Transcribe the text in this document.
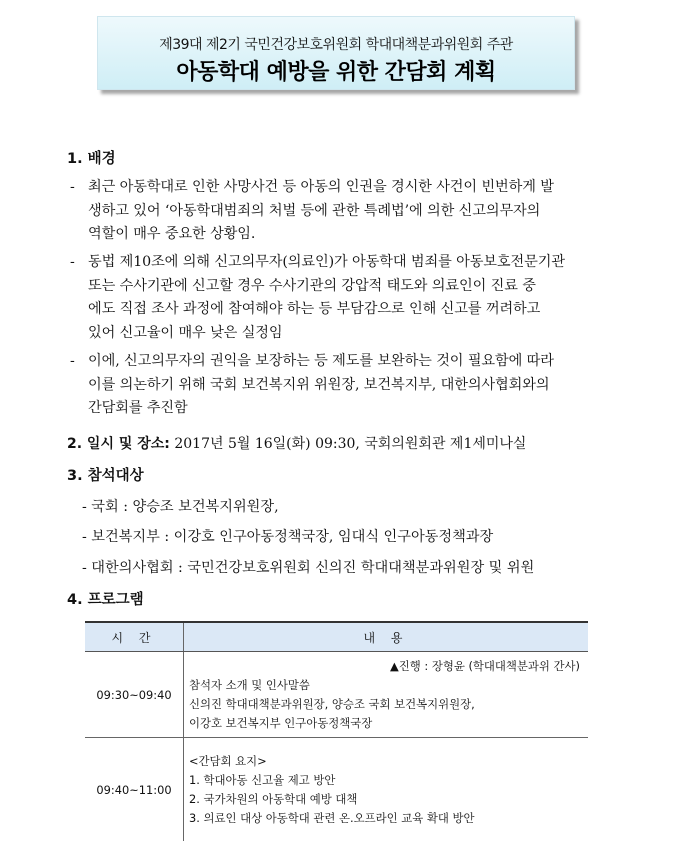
제39대 제2기 국민건강보호위원회 학대대책분과위원회 주관
아동학대 예방을 위한 간담회 계획
1. 배경
- 최근 아동학대로 인한 사망사건 등 아동의 인권을 경시한 사건이 빈번하게 발
생하고 있어 ‘아동학대범죄의 처벌 등에 관한 특례법’에 의한 신고의무자의
역할이 매우 중요한 상황임.
- 동법 제10조에 의해 신고의무자(의료인)가 아동학대 범죄를 아동보호전문기관
또는 수사기관에 신고할 경우 수사기관의 강압적 태도와 의료인이 진료 중
에도 직접 조사 과정에 참여해야 하는 등 부담감으로 인해 신고를 꺼려하고
있어 신고율이 매우 낮은 실정임
- 이에, 신고의무자의 권익을 보장하는 등 제도를 보완하는 것이 필요함에 따라
이를 의논하기 위해 국회 보건복지위 위원장, 보건복지부, 대한의사협회와의
간담회를 추진함
2. 일시 및 장소: 2017년 5월 16일(화) 09:30, 국회의원회관 제1세미나실
3. 참석대상
- 국회 : 양승조 보건복지위원장,
- 보건복지부 : 이강호 인구아동정책국장, 임대식 인구아동정책과장
- 대한의사협회 : 국민건강보호위원회 신의진 학대대책분과위원장 및 위원
4. 프로그램
시 간	내 용
09:30~09:40	▲진행 : 장형윤 (학대대책분과위 간사)
참석자 소개 및 인사말씀
신의진 학대대책분과위원장, 양승조 국회 보건복지위원장,
이강호 보건복지부 인구아동정책국장

09:40~11:00	<간담회 요지>
1. 학대아동 신고율 제고 방안
2. 국가차원의 아동학대 예방 대책
3. 의료인 대상 아동학대 관련 온.오프라인 교육 확대 방안
